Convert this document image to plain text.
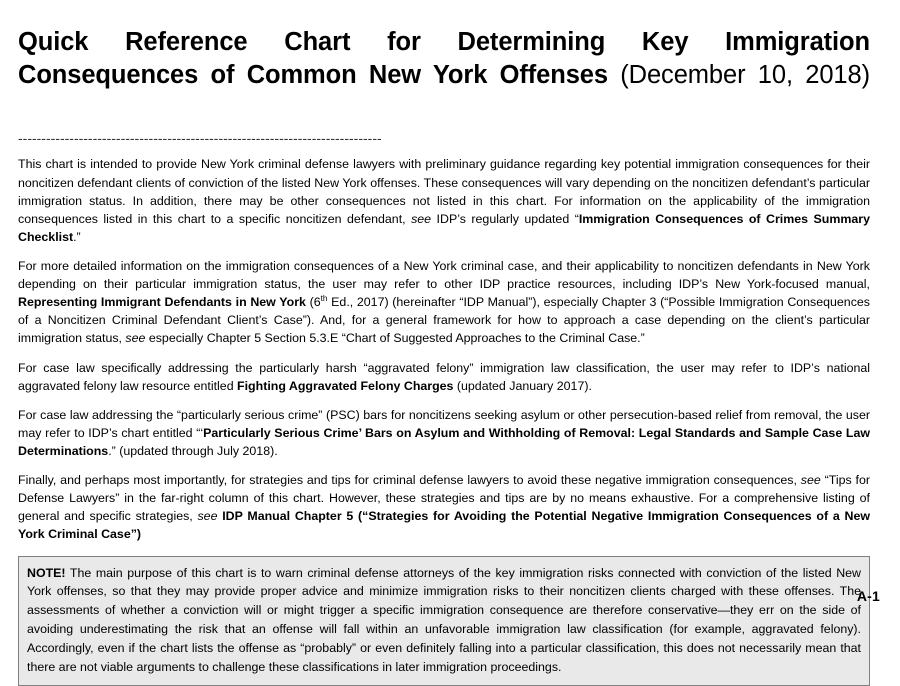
Quick Reference Chart for Determining Key Immigration Consequences of Common New York Offenses (December 10, 2018)
------------------------------------------------------------------------------

This chart is intended to provide New York criminal defense lawyers with preliminary guidance regarding key potential immigration consequences for their noncitizen defendant clients of conviction of the listed New York offenses. These consequences will vary depending on the noncitizen defendant’s particular immigration status. In addition, there may be other consequences not listed in this chart. For information on the applicability of the immigration consequences listed in this chart to a specific noncitizen defendant, see IDP’s regularly updated “Immigration Consequences of Crimes Summary Checklist.”

For more detailed information on the immigration consequences of a New York criminal case, and their applicability to noncitizen defendants in New York depending on their particular immigration status, the user may refer to other IDP practice resources, including IDP’s New York-focused manual, Representing Immigrant Defendants in New York (6th Ed., 2017) (hereinafter “IDP Manual”), especially Chapter 3 (“Possible Immigration Consequences of a Noncitizen Criminal Defendant Client’s Case”). And, for a general framework for how to approach a case depending on the client’s particular immigration status, see especially Chapter 5 Section 5.3.E “Chart of Suggested Approaches to the Criminal Case.”

For case law specifically addressing the particularly harsh “aggravated felony” immigration law classification, the user may refer to IDP’s national aggravated felony law resource entitled Fighting Aggravated Felony Charges (updated January 2017).

For case law addressing the “particularly serious crime” (PSC) bars for noncitizens seeking asylum or other persecution-based relief from removal, the user may refer to IDP’s chart entitled “‘Particularly Serious Crime’ Bars on Asylum and Withholding of Removal: Legal Standards and Sample Case Law Determinations.” (updated through July 2018).

Finally, and perhaps most importantly, for strategies and tips for criminal defense lawyers to avoid these negative immigration consequences, see “Tips for Defense Lawyers” in the far-right column of this chart. However, these strategies and tips are by no means exhaustive. For a comprehensive listing of general and specific strategies, see IDP Manual Chapter 5 (“Strategies for Avoiding the Potential Negative Immigration Consequences of a New York Criminal Case”)

NOTE! The main purpose of this chart is to warn criminal defense attorneys of the key immigration risks connected with conviction of the listed New York offenses, so that they may provide proper advice and minimize immigration risks to their noncitizen clients charged with these offenses. The assessments of whether a conviction will or might trigger a specific immigration consequence are therefore conservative—they err on the side of avoiding underestimating the risk that an offense will fall within an unfavorable immigration law classification (for example, aggravated felony). Accordingly, even if the chart lists the offense as “probably” or even definitely falling into a particular classification, this does not necessarily mean that there are not viable arguments to challenge these classifications in later immigration proceedings.

A-1
